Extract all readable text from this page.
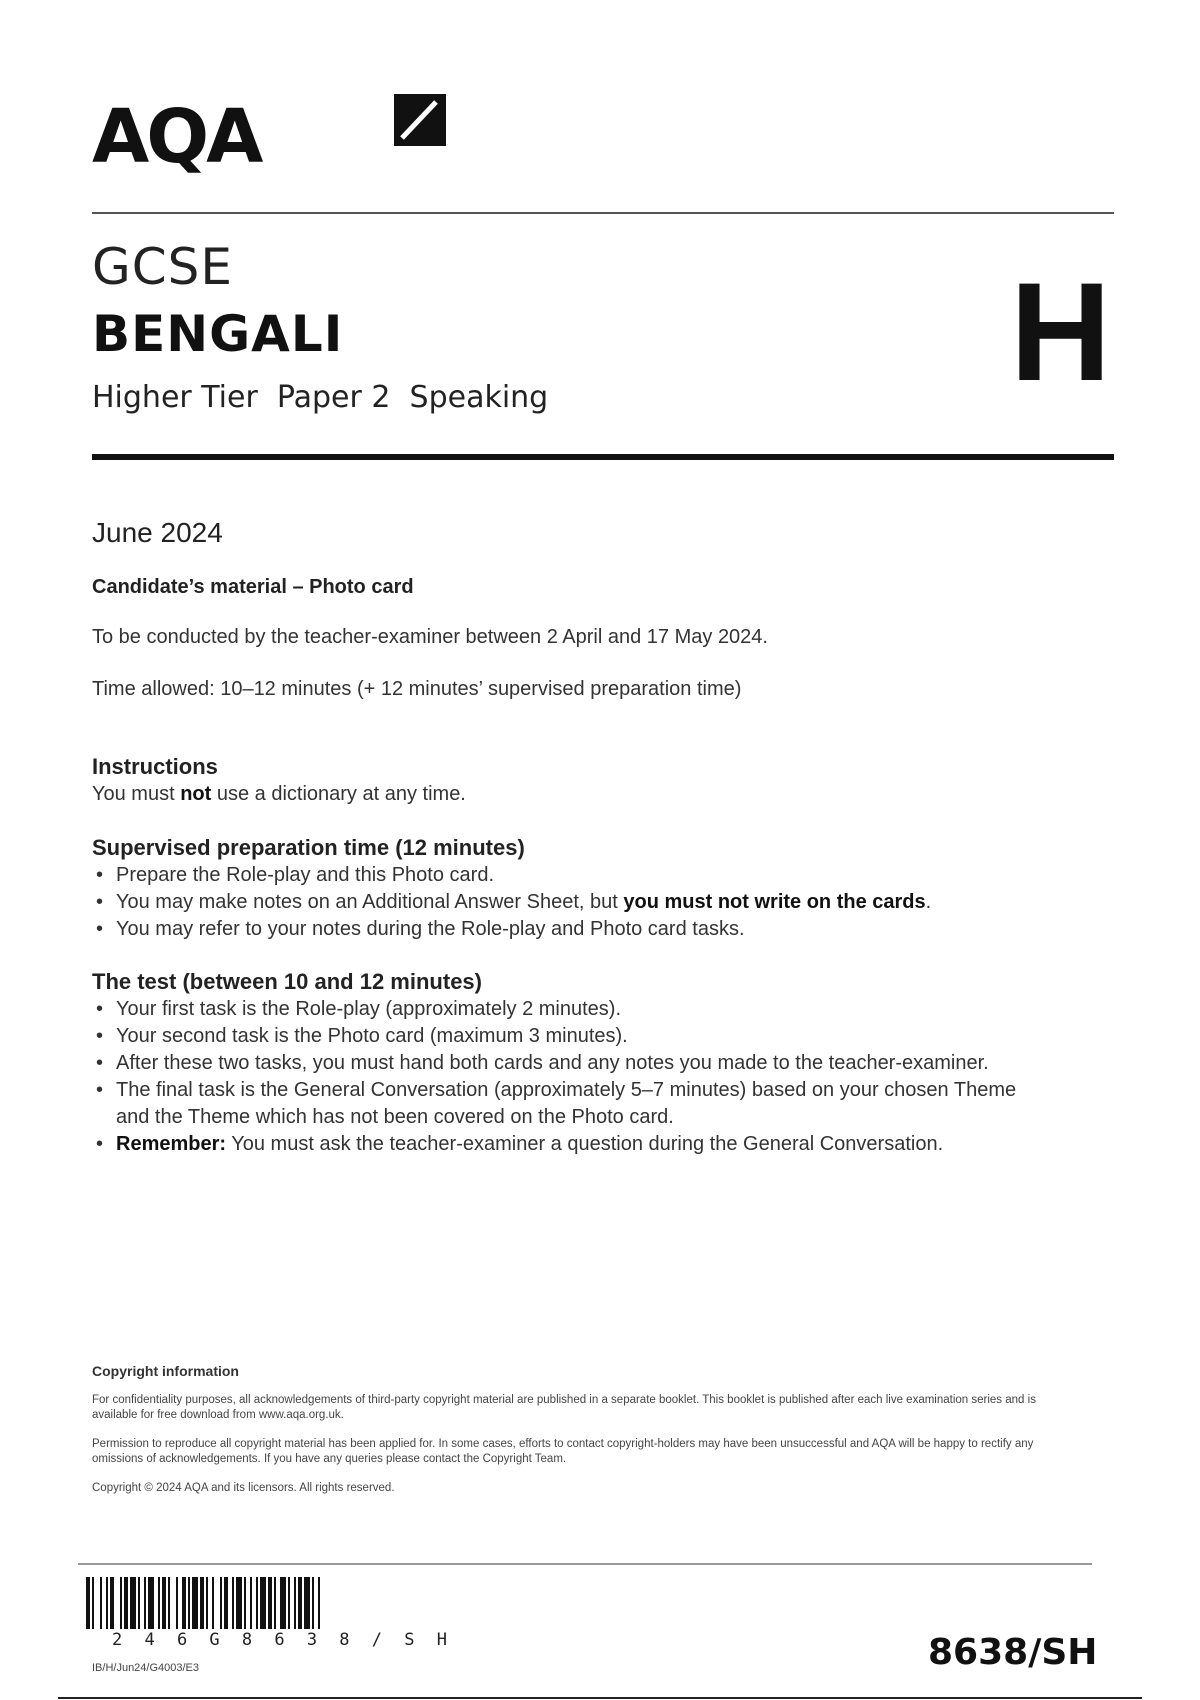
AQA
GCSE
BENGALI
Higher Tier  Paper 2  Speaking	H
June 2024
Candidate’s material – Photo card
To be conducted by the teacher-examiner between 2 April and 17 May 2024.
Time allowed: 10–12 minutes (+ 12 minutes’ supervised preparation time)
Instructions

You must not use a dictionary at any time.

Supervised preparation time (12 minutes)
• Prepare the Role-play and this Photo card.
• You may make notes on an Additional Answer Sheet, but you must not write on the cards.
• You may refer to your notes during the Role-play and Photo card tasks.
The test (between 10 and 12 minutes)
• Your first task is the Role-play (approximately 2 minutes).
• Your second task is the Photo card (maximum 3 minutes).
• After these two tasks, you must hand both cards and any notes you made to the teacher-examiner.
• The final task is the General Conversation (approximately 5–7 minutes) based on your chosen Theme and the Theme which has not been covered on the Photo card.
• Remember: You must ask the teacher-examiner a question during the General Conversation.
Copyright information

For confidentiality purposes, all acknowledgements of third-party copyright material are published in a separate booklet. This booklet is published after each live examination series and is available for free download from www.aqa.org.uk.

Permission to reproduce all copyright material has been applied for. In some cases, efforts to contact copyright-holders may have been unsuccessful and AQA will be happy to rectify any omissions of acknowledgements. If you have any queries please contact the Copyright Team.

Copyright © 2024 AQA and its licensors. All rights reserved.

2 4 6 G 8 6 3 8 / S H
IB/H/Jun24/G4003/E3	8638/SH
